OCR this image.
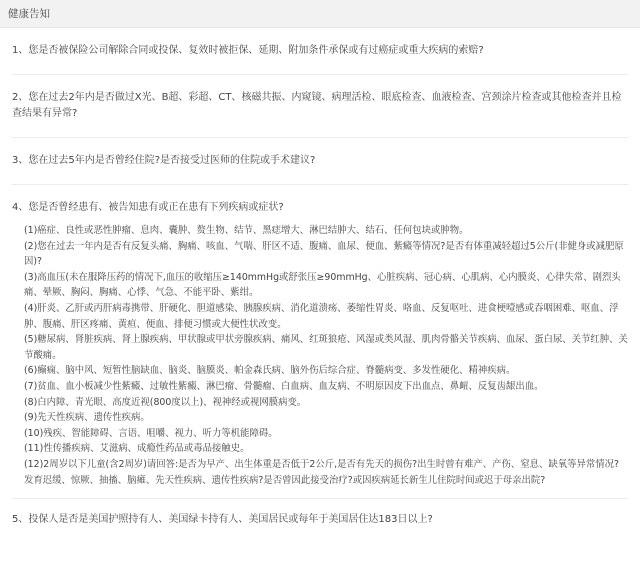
健康告知
1、您是否被保险公司解除合同或投保、复效时被拒保、延期、附加条件承保或有过癌症或重大疾病的索赔?
2、您在过去2年内是否做过X光、B超、彩超、CT、核磁共振、内窥镜、病理活检、眼底检查、血液检查、宫颈涂片检查或其他检查并且检查结果有异常?
3、您在过去5年内是否曾经住院?是否接受过医师的住院或手术建议?
4、您是否曾经患有、被告知患有或正在患有下列疾病或症状?
(1)癌症、良性或恶性肿瘤、息肉、囊肿、赘生物、结节、黑痣增大、淋巴结肿大、结石、任何包块或肿物。
(2)您在过去一年内是否有反复头痛、胸痛、咳血、气喘、肝区不适、腹痛、血尿、便血、紫癜等情况?是否有体重减轻超过5公斤(非健身或减肥原因)?
(3)高血压(未在服降压药的情况下,血压的收缩压≥140mmHg或舒张压≥90mmHg、心脏疾病、冠心病、心肌病、心内膜炎、心律失常、剧烈头痛、晕厥、胸闷、胸痛、心悸、气急、不能平卧、紫绀。
(4)肝炎、乙肝或丙肝病毒携带、肝硬化、胆道感染、胰腺疾病、消化道溃疡、萎缩性胃炎、咯血、反复呕吐、进食梗噎感或吞咽困难、呕血、浮肿、腹痛、肝区疼痛、黄疸、便血、排便习惯或大便性状改变。
(5)糖尿病、肾脏疾病、肾上腺疾病、甲状腺或甲状旁腺疾病、痛风、红斑狼疮、风湿或类风湿、肌肉骨骼关节疾病、血尿、蛋白尿、关节红肿、关节酸痛。
(6)癫痫、脑中风、短暂性脑缺血、脑炎、脑膜炎、帕金森氏病、脑外伤后综合症、脊髓病变、多发性硬化、精神疾病。
(7)贫血、血小板减少性紫癜、过敏性紫癜、淋巴瘤、骨髓瘤、白血病、血友病、不明原因皮下出血点、鼻衄、反复齿龈出血。
(8)白内障、青光眼、高度近视(800度以上)、视神经或视网膜病变。
(9)先天性疾病、遗传性疾病。
(10)残疾、智能障碍、言语、咀嚼、视力、听力等机能障碍。
(11)性传播疾病、艾滋病、成瘾性药品或毒品接触史。
(12)2周岁以下儿童(含2周岁)请回答:是否为早产、出生体重是否低于2公斤,是否有先天的损伤?出生时曾有难产、产伤、窒息、缺氧等异常情况?发育迟缓、惊厥、抽搐、脑瘫、先天性疾病、遗传性疾病?是否曾因此接受治疗?或因疾病延长新生儿住院时间或迟于母亲出院?
5、投保人是否是美国护照持有人、美国绿卡持有人、美国居民或每年于美国居住达183日以上?
